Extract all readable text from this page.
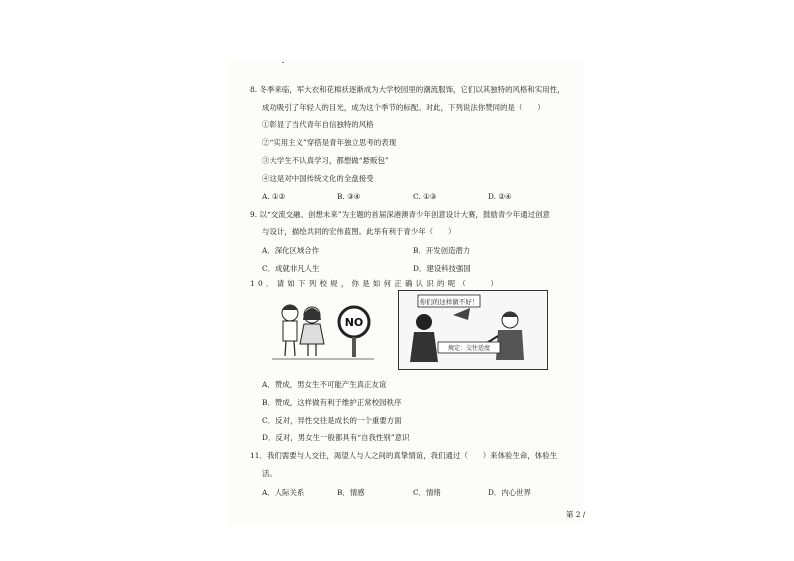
8. 冬季来临，军大衣和花棉袄逐渐成为大学校园里的潮流服饰，它们以其独特的风格和实用性，
成功吸引了年轻人的目光，成为这个季节的标配。对此，下列说法你赞同的是（　　）
①彰显了当代青年自信独特的风格
②“实用主义”穿搭是青年独立思考的表现
③大学生不认真学习，都想做“悬贩包”
④这是对中国传统文化的全盘接受
A. ①②	B. ③④	C. ①③	D. ②④
9. 以“交流交融、创想未来”为主题的首届深港澳青少年创意设计大赛，鼓励青少年通过创意
与设计，描绘共同的宏伟蓝图。此举有利于青少年（　　）
A．深化区域合作	B．开发创造潜力
C．成就非凡人生	D．建设科技强国
10．请如下列校规，你是如何正确认识的呢（　　）
NO
你们的这样做不好！
规定：交往适度
A．赞成，男女生不可能产生真正友谊
B．赞成，这样做有利于维护正常校园秩序
C．反对，异性交往是成长的一个重要方面
D．反对，男女生一般都具有“自我性别”意识
11．我们需要与人交往，渴望人与人之间的真挚情谊，我们通过（　　）来体验生命，体验生
活。
A．人际关系	B．情感	C．情绪	D．内心世界
第 2 /
